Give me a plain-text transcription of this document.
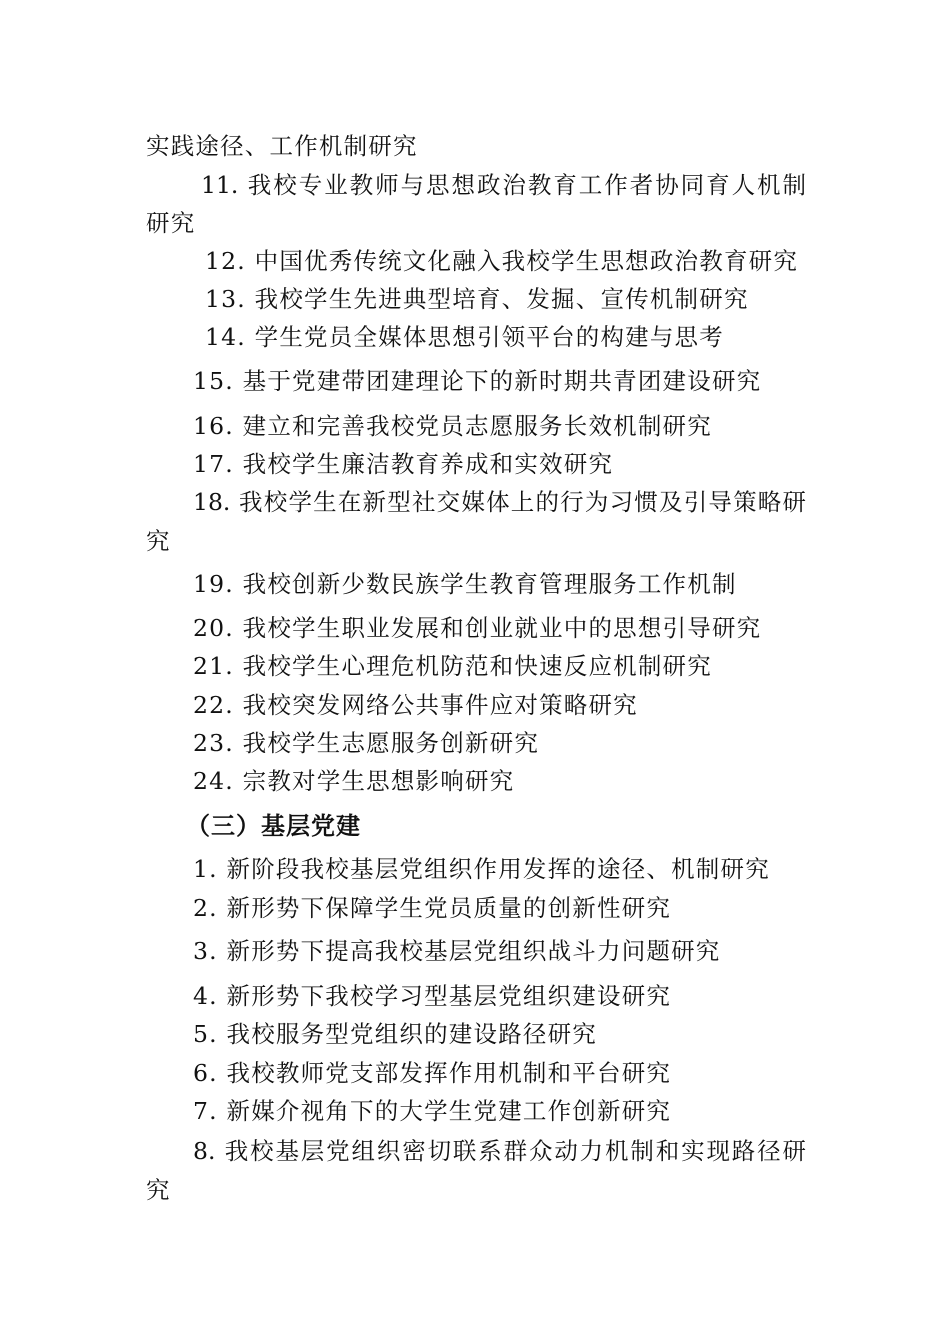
实践途径、工作机制研究
11. 我校专业教师与思想政治教育工作者协同育人机制
研究
12. 中国优秀传统文化融入我校学生思想政治教育研究
13. 我校学生先进典型培育、发掘、宣传机制研究
14. 学生党员全媒体思想引领平台的构建与思考
15. 基于党建带团建理论下的新时期共青团建设研究
16. 建立和完善我校党员志愿服务长效机制研究
17. 我校学生廉洁教育养成和实效研究
18. 我校学生在新型社交媒体上的行为习惯及引导策略研
究
19. 我校创新少数民族学生教育管理服务工作机制
20. 我校学生职业发展和创业就业中的思想引导研究
21. 我校学生心理危机防范和快速反应机制研究
22. 我校突发网络公共事件应对策略研究
23. 我校学生志愿服务创新研究
24. 宗教对学生思想影响研究
（三）基层党建
1. 新阶段我校基层党组织作用发挥的途径、机制研究
2. 新形势下保障学生党员质量的创新性研究
3. 新形势下提高我校基层党组织战斗力问题研究
4. 新形势下我校学习型基层党组织建设研究
5. 我校服务型党组织的建设路径研究
6. 我校教师党支部发挥作用机制和平台研究
7. 新媒介视角下的大学生党建工作创新研究
8. 我校基层党组织密切联系群众动力机制和实现路径研
究
